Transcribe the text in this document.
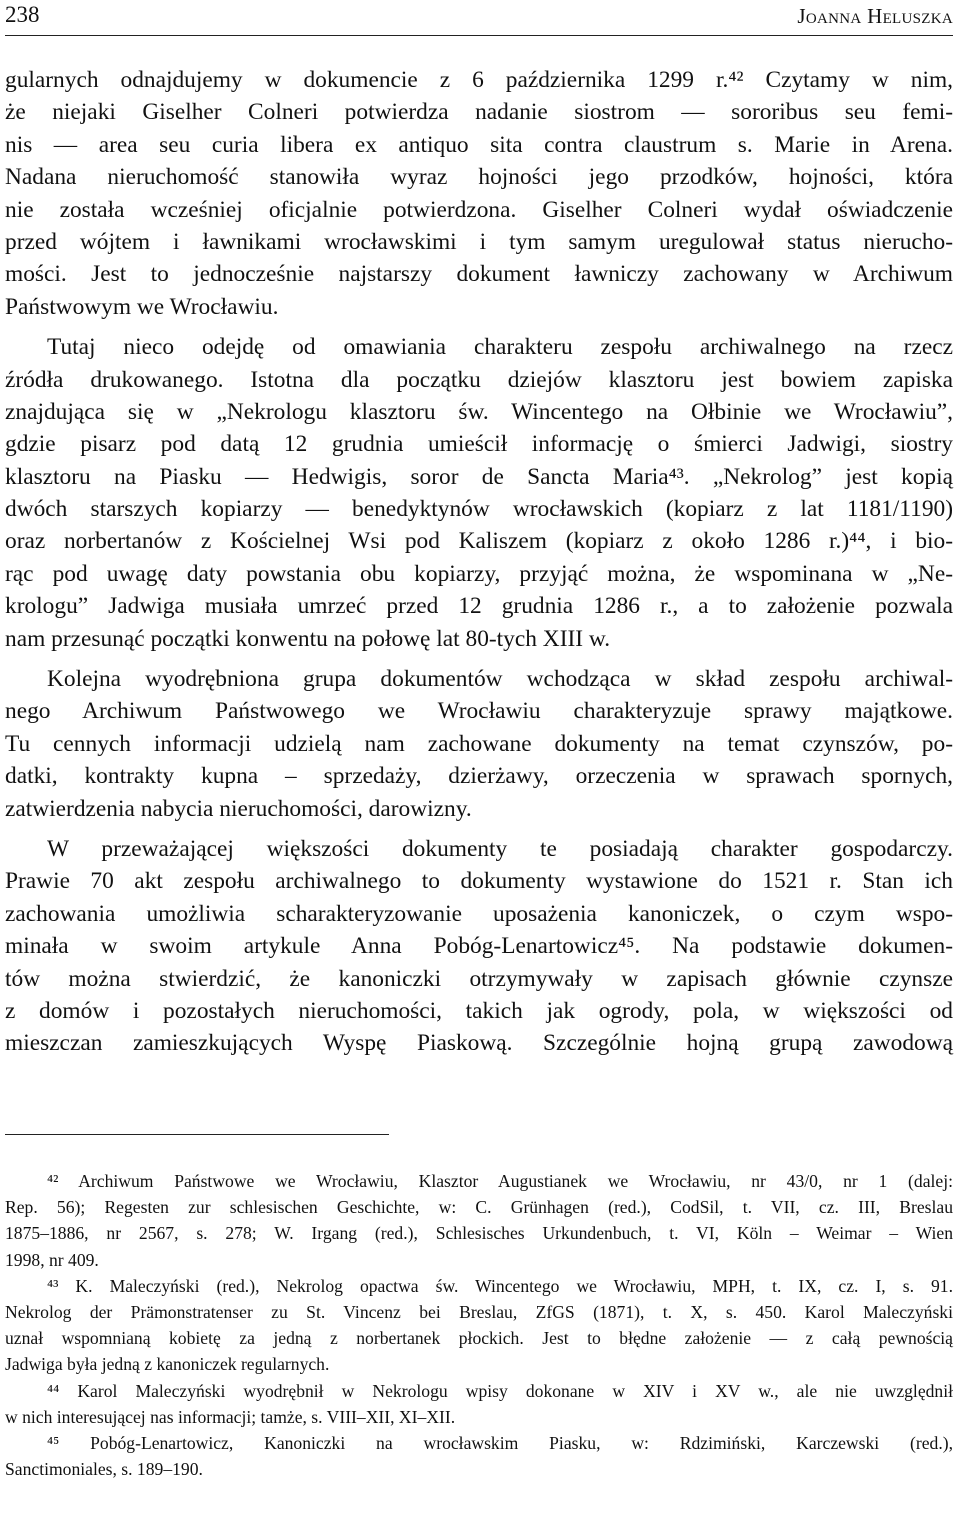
238	Joanna Heluszka
gularnych odnajdujemy w dokumencie z 6 października 1299 r.⁴² Czytamy w nim,
że niejaki Giselher Colneri potwierdza nadanie siostrom — sororibus seu femi-
nis — area seu curia libera ex antiquo sita contra claustrum s. Marie in Arena.
Nadana nieruchomość stanowiła wyraz hojności jego przodków, hojności, która
nie została wcześniej oficjalnie potwierdzona. Giselher Colneri wydał oświadczenie
przed wójtem i ławnikami wrocławskimi i tym samym uregulował status nierucho-
mości. Jest to jednocześnie najstarszy dokument ławniczy zachowany w Archiwum
Państwowym we Wrocławiu.
Tutaj nieco odejdę od omawiania charakteru zespołu archiwalnego na rzecz
źródła drukowanego. Istotna dla początku dziejów klasztoru jest bowiem zapiska
znajdująca się w „Nekrologu klasztoru św. Wincentego na Ołbinie we Wrocławiu”,
gdzie pisarz pod datą 12 grudnia umieścił informację o śmierci Jadwigi, siostry
klasztoru na Piasku — Hedwigis, soror de Sancta Maria⁴³. „Nekrolog” jest kopią
dwóch starszych kopiarzy — benedyktynów wrocławskich (kopiarz z lat 1181/1190)
oraz norbertanów z Kościelnej Wsi pod Kaliszem (kopiarz z około 1286 r.)⁴⁴, i bio-
rąc pod uwagę daty powstania obu kopiarzy, przyjąć można, że wspominana w „Ne-
krologu” Jadwiga musiała umrzeć przed 12 grudnia 1286 r., a to założenie pozwala
nam przesunąć początki konwentu na połowę lat 80-tych XIII w.
Kolejna wyodrębniona grupa dokumentów wchodząca w skład zespołu archiwal-
nego Archiwum Państwowego we Wrocławiu charakteryzuje sprawy majątkowe.
Tu cennych informacji udzielą nam zachowane dokumenty na temat czynszów, po-
datki, kontrakty kupna – sprzedaży, dzierżawy, orzeczenia w sprawach spornych,
zatwierdzenia nabycia nieruchomości, darowizny.
W przeważającej większości dokumenty te posiadają charakter gospodarczy.
Prawie 70 akt zespołu archiwalnego to dokumenty wystawione do 1521 r. Stan ich
zachowania umożliwia scharakteryzowanie uposażenia kanoniczek, o czym wspo-
minała w swoim artykule Anna Pobóg-Lenartowicz⁴⁵. Na podstawie dokumen-
tów można stwierdzić, że kanoniczki otrzymywały w zapisach głównie czynsze
z domów i pozostałych nieruchomości, takich jak ogrody, pola, w większości od
mieszczan zamieszkujących Wyspę Piaskową. Szczególnie hojną grupą zawodową
⁴² Archiwum Państwowe we Wrocławiu, Klasztor Augustianek we Wrocławiu, nr 43/0, nr 1 (dalej:
Rep. 56); Regesten zur schlesischen Geschichte, w: C. Grünhagen (red.), CodSil, t. VII, cz. III, Breslau
1875–1886, nr 2567, s. 278; W. Irgang (red.), Schlesisches Urkundenbuch, t. VI, Köln – Weimar – Wien
1998, nr 409.
⁴³ K. Maleczyński (red.), Nekrolog opactwa św. Wincentego we Wrocławiu, MPH, t. IX, cz. I, s. 91.
Nekrolog der Prämonstratenser zu St. Vincenz bei Breslau, ZfGS (1871), t. X, s. 450. Karol Maleczyński
uznał wspomnianą kobietę za jedną z norbertanek płockich. Jest to błędne założenie — z całą pewnością
Jadwiga była jedną z kanoniczek regularnych.
⁴⁴ Karol Maleczyński wyodrębnił w Nekrologu wpisy dokonane w XIV i XV w., ale nie uwzględnił
w nich interesującej nas informacji; tamże, s. VIII–XII, XI–XII.
⁴⁵ Pobóg-Lenartowicz, Kanoniczki na wrocławskim Piasku, w: Rdzimiński, Karczewski (red.),
Sanctimoniales, s. 189–190.
